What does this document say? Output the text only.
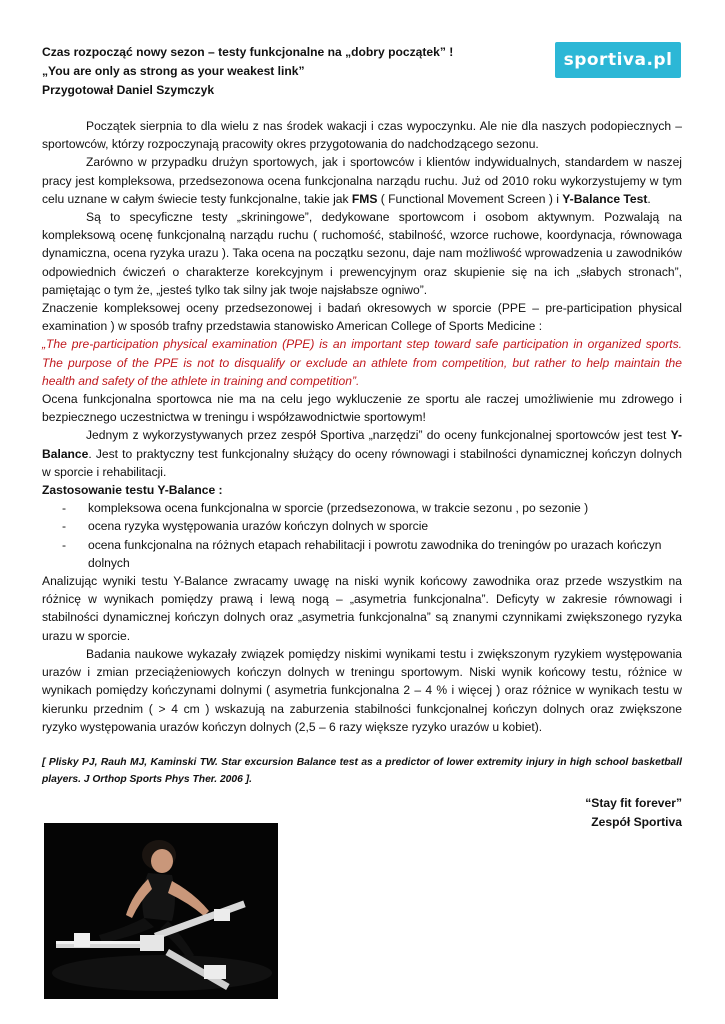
sportiva.pl
Czas rozpocząć nowy sezon – testy funkcjonalne na „dobry początek” !
„You are only as strong as your weakest link”
Przygotował Daniel Szymczyk

Początek sierpnia to dla wielu z nas środek wakacji i czas wypoczynku. Ale nie dla naszych podopiecznych – sportowców, którzy rozpoczynają pracowity okres przygotowania do nadchodzącego sezonu.

Zarówno w przypadku drużyn sportowych, jak i sportowców i klientów indywidualnych, standardem w naszej pracy jest kompleksowa, przedsezonowa ocena funkcjonalna narządu ruchu. Już od 2010 roku wykorzystujemy w tym celu uznane w całym świecie testy funkcjonalne, takie jak FMS ( Functional Movement Screen ) i Y-Balance Test.

Są to specyficzne testy „skriningowe”, dedykowane sportowcom i osobom aktywnym. Pozwalają na kompleksową ocenę funkcjonalną narządu ruchu ( ruchomość, stabilność, wzorce ruchowe, koordynacja, równowaga dynamiczna, ocena ryzyka urazu ). Taka ocena na początku sezonu, daje nam możliwość wprowadzenia u zawodników odpowiednich ćwiczeń o charakterze korekcyjnym i prewencyjnym oraz skupienie się na ich „słabych stronach”, pamiętając o tym że, „jesteś tylko tak silny jak twoje najsłabsze ogniwo”.

Znaczenie kompleksowej oceny przedsezonowej i badań okresowych w sporcie (PPE – pre-participation physical examination ) w sposób trafny przedstawia stanowisko American College of Sports Medicine :

„The pre-participation physical examination (PPE) is an important step toward safe participation in organized sports. The purpose of the PPE is not to disqualify or exclude an athlete from competition, but rather to help maintain the health and safety of the athlete in training and competition”.

Ocena funkcjonalna sportowca nie ma na celu jego wykluczenie ze sportu ale raczej umożliwienie mu zdrowego i bezpiecznego uczestnictwa w treningu i współzawodnictwie sportowym!

Jednym z wykorzystywanych przez zespół Sportiva „narzędzi” do oceny funkcjonalnej sportowców jest test Y-Balance. Jest to praktyczny test funkcjonalny służący do oceny równowagi i stabilności dynamicznej kończyn dolnych w sporcie i rehabilitacji.

Zastosowanie testu Y-Balance :
- kompleksowa ocena funkcjonalna w sporcie (przedsezonowa, w trakcie sezonu , po sezonie )
- ocena ryzyka występowania urazów kończyn dolnych w sporcie
- ocena funkcjonalna na różnych etapach rehabilitacji i powrotu zawodnika do treningów po urazach kończyn dolnych

Analizując wyniki testu Y-Balance zwracamy uwagę na niski wynik końcowy zawodnika oraz przede wszystkim na różnicę w wynikach pomiędzy prawą i lewą nogą – „asymetria funkcjonalna”. Deficyty w zakresie równowagi i stabilności dynamicznej kończyn dolnych oraz „asymetria funkcjonalna” są znanymi czynnikami zwiększonego ryzyka urazu w sporcie.

Badania naukowe wykazały związek pomiędzy niskimi wynikami testu i zwiększonym ryzykiem występowania urazów i zmian przeciążeniowych kończyn dolnych w treningu sportowym. Niski wynik końcowy testu, różnice w wynikach pomiędzy kończynami dolnymi ( asymetria funkcjonalna 2 – 4 % i więcej ) oraz różnice w wynikach testu w kierunku przednim ( > 4 cm ) wskazują na zaburzenia stabilności funkcjonalnej kończyn dolnych oraz zwiększone ryzyko występowania urazów kończyn dolnych (2,5 – 6 razy większe ryzyko urazów u kobiet).

[ Plisky PJ, Rauh MJ, Kaminski TW. Star excursion Balance test as a predictor of lower extremity injury in high school basketball players. J Orthop Sports Phys Ther. 2006 ].

“Stay fit forever”
Zespół Sportiva
